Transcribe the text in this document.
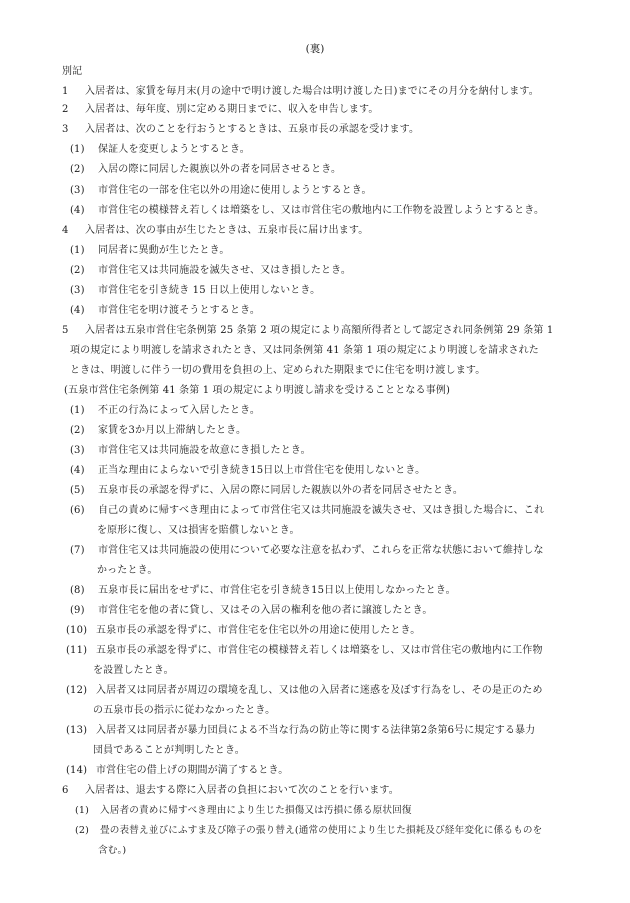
(裏)
別記
1 入居者は、家賃を毎月末(月の途中で明け渡した場合は明け渡した日)までにその月分を納付します。
2 入居者は、毎年度、別に定める期日までに、収入を申告します。
3 入居者は、次のことを行おうとするときは、五泉市長の承認を受けます。
(1) 保証人を変更しようとするとき。
(2) 入居の際に同居した親族以外の者を同居させるとき。
(3) 市営住宅の一部を住宅以外の用途に使用しようとするとき。
(4) 市営住宅の模様替え若しくは増築をし、又は市営住宅の敷地内に工作物を設置しようとするとき。
4 入居者は、次の事由が生じたときは、五泉市長に届け出ます。
(1) 同居者に異動が生じたとき。
(2) 市営住宅又は共同施設を滅失させ、又はき損したとき。
(3) 市営住宅を引き続き 15 日以上使用しないとき。
(4) 市営住宅を明け渡そうとするとき。
5 入居者は五泉市営住宅条例第 25 条第 2 項の規定により高額所得者として認定され同条例第 29 条第 1
項の規定により明渡しを請求されたとき、又は同条例第 41 条第 1 項の規定により明渡しを請求された
ときは、明渡しに伴う一切の費用を負担の上、定められた期限までに住宅を明け渡します。
(五泉市営住宅条例第 41 条第 1 項の規定により明渡し請求を受けることとなる事例)
(1) 不正の行為によって入居したとき。
(2) 家賃を3か月以上滞納したとき。
(3) 市営住宅又は共同施設を故意にき損したとき。
(4) 正当な理由によらないで引き続き15日以上市営住宅を使用しないとき。
(5) 五泉市長の承認を得ずに、入居の際に同居した親族以外の者を同居させたとき。
(6) 自己の責めに帰すべき理由によって市営住宅又は共同施設を滅失させ、又はき損した場合に、これ
を原形に復し、又は損害を賠償しないとき。
(7) 市営住宅又は共同施設の使用について必要な注意を払わず、これらを正常な状態において維持しな
かったとき。
(8) 五泉市長に届出をせずに、市営住宅を引き続き15日以上使用しなかったとき。
(9) 市営住宅を他の者に貸し、又はその入居の権利を他の者に譲渡したとき。
(10) 五泉市長の承認を得ずに、市営住宅を住宅以外の用途に使用したとき。
(11) 五泉市長の承認を得ずに、市営住宅の模様替え若しくは増築をし、又は市営住宅の敷地内に工作物
を設置したとき。
(12) 入居者又は同居者が周辺の環境を乱し、又は他の入居者に迷惑を及ぼす行為をし、その是正のため
の五泉市長の指示に従わなかったとき。
(13) 入居者又は同居者が暴力団員による不当な行為の防止等に関する法律第2条第6号に規定する暴力
団員であることが判明したとき。
(14) 市営住宅の借上げの期間が満了するとき。
6 入居者は、退去する際に入居者の負担において次のことを行います。
(1) 入居者の責めに帰すべき理由により生じた損傷又は汚損に係る原状回復
(2) 畳の表替え並びにふすま及び障子の張り替え(通常の使用により生じた損耗及び経年変化に係るものを
含む。)
